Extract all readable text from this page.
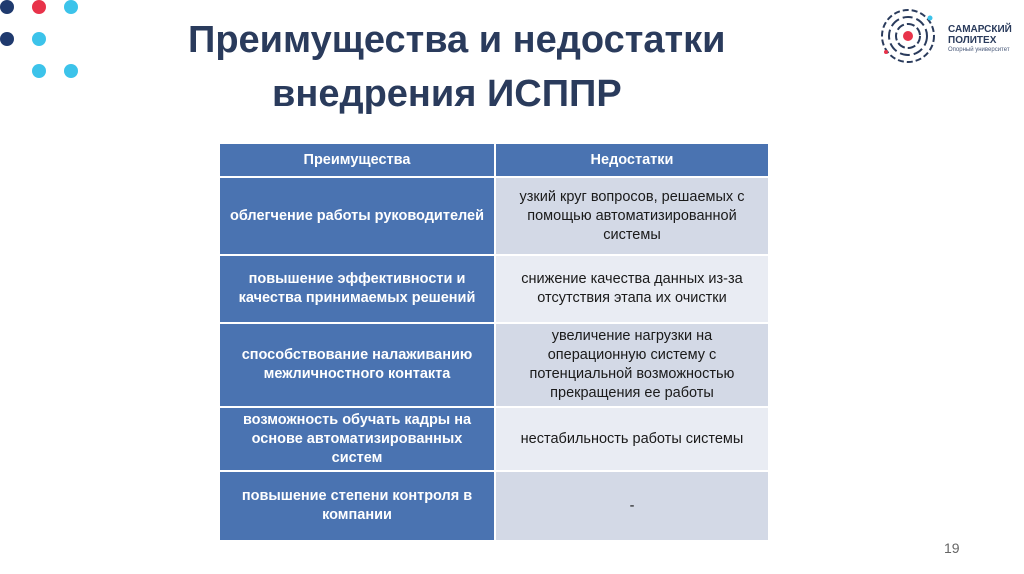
Преимущества и недостатки
внедрения ИСППР
САМАРСКИЙ
ПОЛИТЕХ
Опорный университет
Преимущества	Недостатки
облегчение работы руководителей	узкий круг вопросов, решаемых с помощью автоматизированной системы
повышение эффективности и качества принимаемых решений	снижение качества данных из-за отсутствия этапа их очистки
способствование налаживанию межличностного контакта	увеличение нагрузки на операционную систему с потенциальной возможностью прекращения ее работы
возможность обучать кадры на основе автоматизированных систем	нестабильность работы системы
повышение степени контроля в компании	-
19
